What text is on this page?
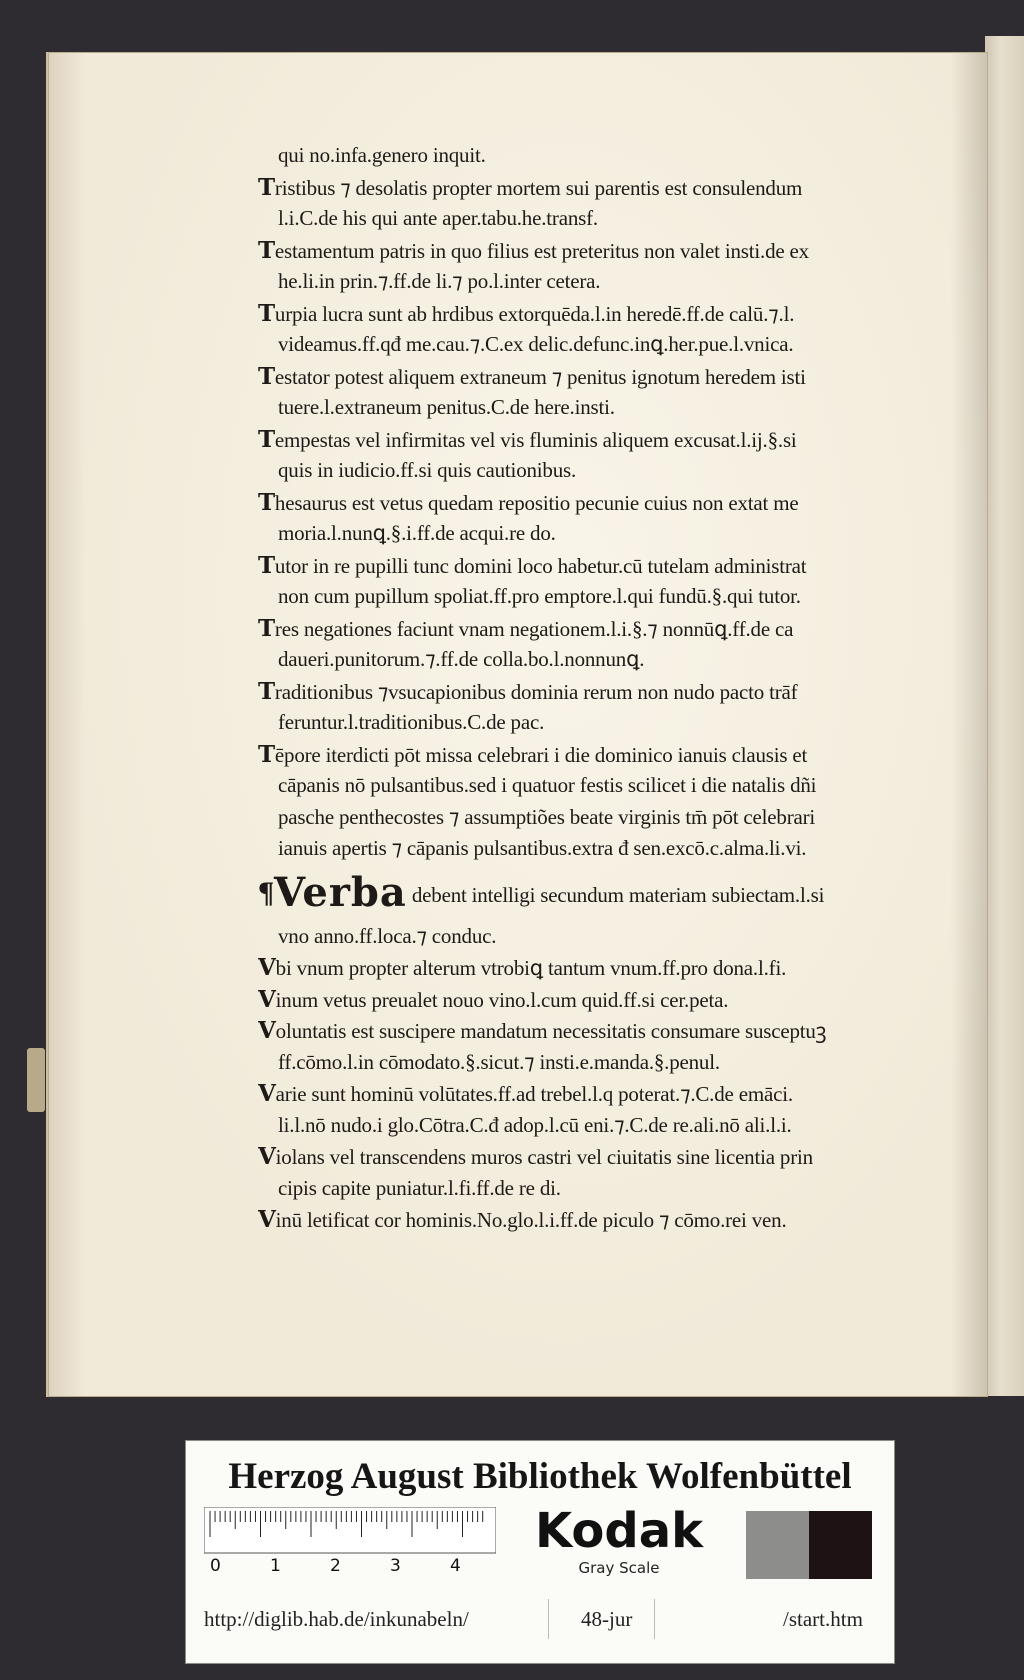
qui no.infa.genero inquit.
Tristibus ⁊ desolatis propter mortem sui parentis est consulendum
l.i.C.de his qui ante aper.tabu.he.transf.
Testamentum patris in quo filius est preteritus non valet insti.de ex
he.li.in prin.⁊.ff.de li.⁊ po.l.inter cetera.
Turpia lucra sunt ab hrdibus extorquēda.l.in heredē.ff.de calū.⁊.l.
videamus.ff.qđ me.cau.⁊.C.ex delic.defunc.inꝗ.her.pue.l.vnica.
Testator potest aliquem extraneum ⁊ penitus ignotum heredem isti
tuere.l.extraneum penitus.C.de here.insti.
Tempestas vel infirmitas vel vis fluminis aliquem excusat.l.ij.§.si
quis in iudicio.ff.si quis cautionibus.
Thesaurus est vetus quedam repositio pecunie cuius non extat me
moria.l.nunꝗ.§.i.ff.de acqui.re do.
Tutor in re pupilli tunc domini loco habetur.cū tutelam administrat
non cum pupillum spoliat.ff.pro emptore.l.qui fundū.§.qui tutor.
Tres negationes faciunt vnam negationem.l.i.§.⁊ nonnūꝗ.ff.de ca
daueri.punitorum.⁊.ff.de colla.bo.l.nonnunꝗ.
Traditionibus ⁊vsucapionibus dominia rerum non nudo pacto trāf
feruntur.l.traditionibus.C.de pac.
Tēpore iterdicti pōt missa celebrari i die dominico ianuis clausis et
cāpanis nō pulsantibus.sed i quatuor festis scilicet i die natalis dñi
pasche penthecostes ⁊ assumptiões beate virginis tm̄ pōt celebrari
ianuis apertis ⁊ cāpanis pulsantibus.extra đ sen.excō.c.alma.li.vi.
¶Verba debent intelligi secundum materiam subiectam.l.si
vno anno.ff.loca.⁊ conduc.
Vbi vnum propter alterum vtrobiꝗ tantum vnum.ff.pro dona.l.fi.
Vinum vetus preualet nouo vino.l.cum quid.ff.si cer.peta.
Voluntatis est suscipere mandatum necessitatis consumare susceptuꝫ
ff.cōmo.l.in cōmodato.§.sicut.⁊ insti.e.manda.§.penul.
Varie sunt hominū volūtates.ff.ad trebel.l.q poterat.⁊.C.de emāci.
li.l.nō nudo.i glo.Cōtra.C.đ adop.l.cū eni.⁊.C.de re.ali.nō ali.l.i.
Violans vel transcendens muros castri vel ciuitatis sine licentia prin
cipis capite puniatur.l.fi.ff.de re di.
Vinū letificat cor hominis.No.glo.l.i.ff.de piculo ⁊ cōmo.rei ven.
Herzog August Bibliothek Wolfenbüttel
0	1	2	3	4
Kodak
Gray Scale
http://diglib.hab.de/inkunabeln/	48-jur	/start.htm
